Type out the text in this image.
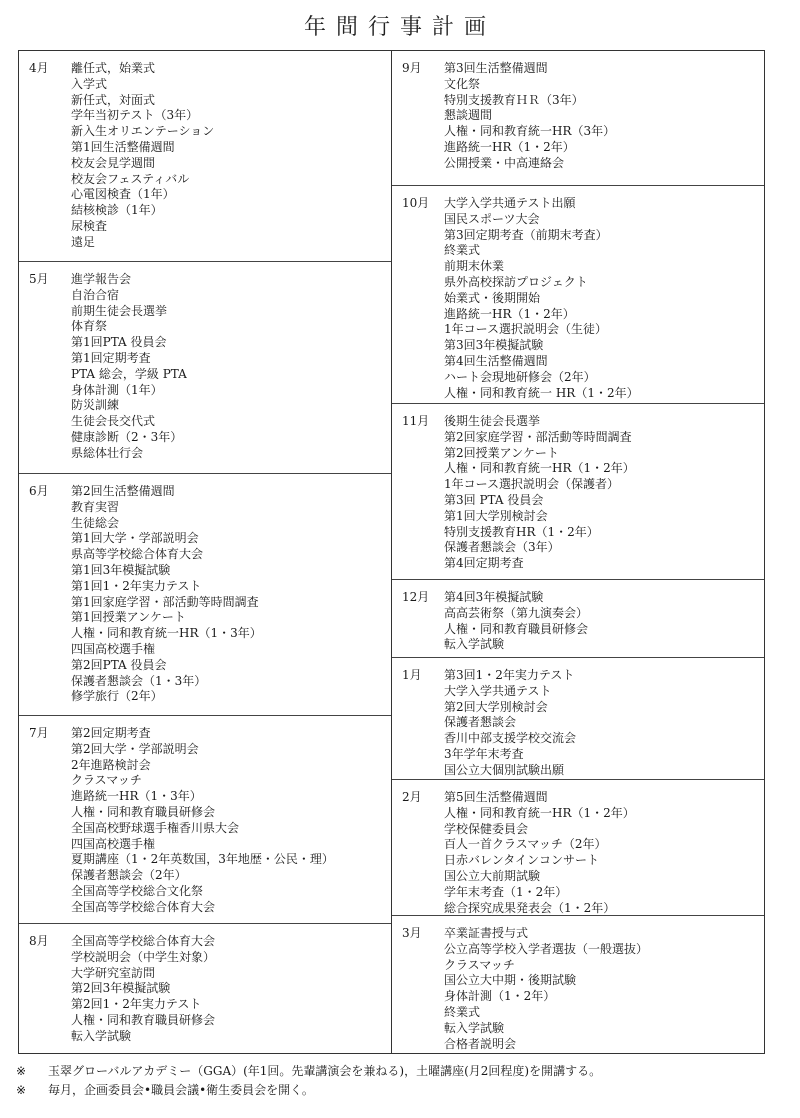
年間行事計画
4月	離任式，始業式
入学式
新任式，対面式
学年当初テスト（3年）
新入生オリエンテーション
第1回生活整備週間
校友会見学週間
校友会フェスティバル
心電図検査（1年）
結核検診（1年）
尿検査
遠足
5月	進学報告会
自治合宿
前期生徒会長選挙
体育祭
第1回PTA 役員会
第1回定期考査
PTA 総会，学級 PTA
身体計測（1年）
防災訓練
生徒会長交代式
健康診断（2・3年）
県総体壮行会
6月	第2回生活整備週間
教育実習
生徒総会
第1回大学・学部説明会
県高等学校総合体育大会
第1回3年模擬試験
第1回1・2年実力テスト
第1回家庭学習・部活動等時間調査
第1回授業アンケート
人権・同和教育統一HR（1・3年）
四国高校選手権
第2回PTA 役員会
保護者懇談会（1・3年）
修学旅行（2年）
7月	第2回定期考査
第2回大学・学部説明会
2年進路検討会
クラスマッチ
進路統一HR（1・3年）
人権・同和教育職員研修会
全国高校野球選手権香川県大会
四国高校選手権
夏期講座（1・2年英数国，3年地歴・公民・理）
保護者懇談会（2年）
全国高等学校総合文化祭
全国高等学校総合体育大会
8月	全国高等学校総合体育大会
学校説明会（中学生対象）
大学研究室訪問
第2回3年模擬試験
第2回1・2年実力テスト
人権・同和教育職員研修会
転入学試験
9月	第3回生活整備週間
文化祭
特別支援教育ＨＲ（3年）
懇談週間
人権・同和教育統一HR（3年）
進路統一HR（1・2年）
公開授業・中高連絡会
10月	大学入学共通テスト出願
国民スポーツ大会
第3回定期考査（前期末考査）
終業式
前期末休業
県外高校探訪プロジェクト
始業式・後期開始
進路統一HR（1・2年）
1年コース選択説明会（生徒）
第3回3年模擬試験
第4回生活整備週間
ハート会現地研修会（2年）
人権・同和教育統一 HR（1・2年）
11月	後期生徒会長選挙
第2回家庭学習・部活動等時間調査
第2回授業アンケート
人権・同和教育統一HR（1・2年）
1年コース選択説明会（保護者）
第3回 PTA 役員会
第1回大学別検討会
特別支援教育HR（1・2年）
保護者懇談会（3年）
第4回定期考査
12月	第4回3年模擬試験
高高芸術祭（第九演奏会）
人権・同和教育職員研修会
転入学試験
1月	第3回1・2年実力テスト
大学入学共通テスト
第2回大学別検討会
保護者懇談会
香川中部支援学校交流会
3年学年末考査
国公立大個別試験出願
2月	第5回生活整備週間
人権・同和教育統一HR（1・2年）
学校保健委員会
百人一首クラスマッチ（2年）
日赤バレンタインコンサート
国公立大前期試験
学年末考査（1・2年）
総合探究成果発表会（1・2年）
3月	卒業証書授与式
公立高等学校入学者選抜（一般選抜）
クラスマッチ
国公立大中期・後期試験
身体計測（1・2年）
終業式
転入学試験
合格者説明会
※	玉翠グローバルアカデミー（GGA）(年1回。先輩講演会を兼ねる)，土曜講座(月2回程度)を開講する。
※	毎月，企画委員会•職員会議•衛生委員会を開く。
